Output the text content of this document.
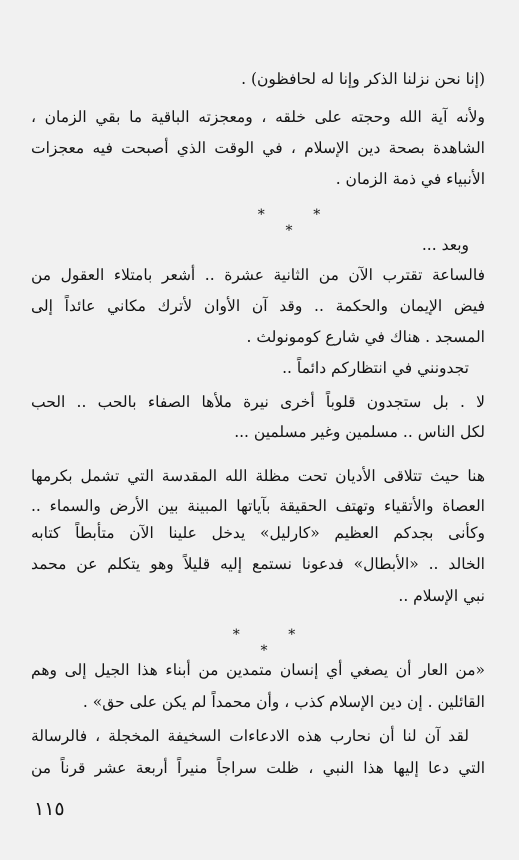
(إنا نحن نزلنا الذكر وإنا له لحافظون) .
ولأنه آية الله وحجته على خلقه ، ومعجزته الباقية ما بقي الزمان ،
الشاهدة بصحة دين الإسلام ، في الوقت الذي أصبحت فيه معجزات
الأنبياء في ذمة الزمان .
* * *
وبعد ...
فالساعة تقترب الآن من الثانية عشرة .. أشعر بامتلاء العقول من
فيض الإيمان والحكمة .. وقد آن الأوان لأترك مكاني عائداً إلى
المسجد . هناك في شارع كومونولث .
تجدونني في انتظاركم دائماً ..
لا . بل ستجدون قلوباً أخرى نيرة ملأها الصفاء بالحب .. الحب
لكل الناس .. مسلمين وغير مسلمين ...
هنا حيث تتلاقى الأديان تحت مظلة الله المقدسة التي تشمل بكرمها
العصاة والأتقياء وتهتف الحقيقة بآياتها المبينة بين الأرض والسماء ..
وكأنى بجدكم العظيم «كارليل» يدخل علينا الآن متأبطاً كتابه
الخالد .. «الأبطال» فدعونا نستمع إليه قليلاً وهو يتكلم عن محمد
نبي الإسلام ..
* * *
«من العار أن يصغي أي إنسان متمدين من أبناء هذا الجيل إلى وهم
القائلين . إن دين الإسلام كذب ، وأن محمداً لم يكن على حق» .
لقد آن لنا أن نحارب هذه الادعاءات السخيفة المخجلة ، فالرسالة
التي دعا إليها هذا النبي ، ظلت سراجاً منيراً أربعة عشر قرناً من
١١٥
